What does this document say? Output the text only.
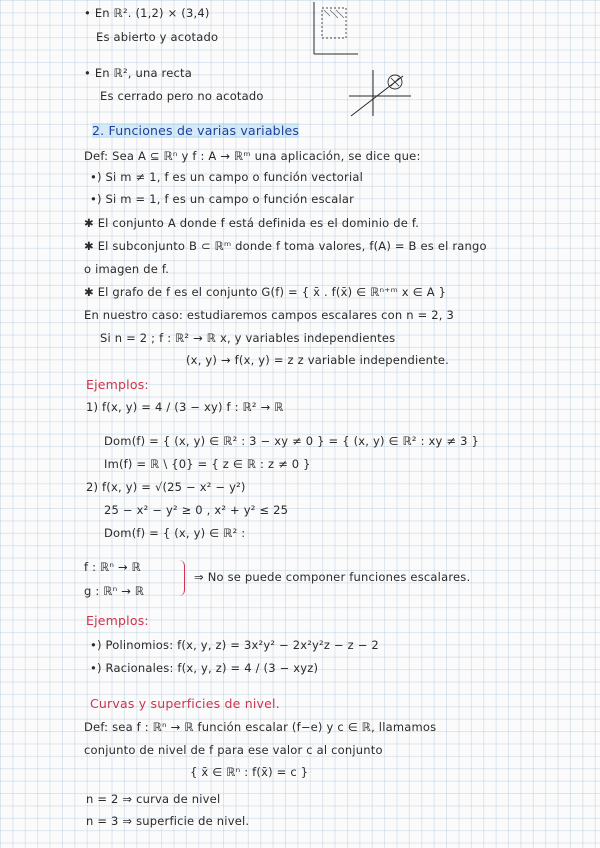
• En ℝ². (1,2) × (3,4)
Es abierto y acotado
• En ℝ², una recta
Es cerrado pero no acotado
2. Funciones de varias variables
Def: Sea A ⊆ ℝⁿ y f : A → ℝᵐ una aplicación, se dice que:
•) Si m ≠ 1, f es un campo o función vectorial
•) Si m = 1, f es un campo o función escalar
✱ El conjunto A donde f está definida es el dominio de f.
✱ El subconjunto B ⊂ ℝᵐ donde f toma valores, f(A) = B es el rango
o imagen de f.
✱ El grafo de f es el conjunto G(f) = { x̄ . f(x̄) ∈ ℝⁿ⁺ᵐ x ∈ A }
En nuestro caso: estudiaremos campos escalares con n = 2, 3
Si n = 2 ; f : ℝ² → ℝ x, y variables independientes
(x, y) → f(x, y) = z z variable independiente.
Ejemplos:
1) f(x, y) = 4 / (3 − xy) f : ℝ² → ℝ
Dom(f) = { (x, y) ∈ ℝ² : 3 − xy ≠ 0 } = { (x, y) ∈ ℝ² : xy ≠ 3 }
Im(f) = ℝ \ {0} = { z ∈ ℝ : z ≠ 0 }
2) f(x, y) = √(25 − x² − y²)
25 − x² − y² ≥ 0 , x² + y² ≤ 25
Dom(f) = { (x, y) ∈ ℝ² :
f : ℝⁿ → ℝ
⇒ No se puede componer funciones escalares.
g : ℝⁿ → ℝ
Ejemplos:
•) Polinomios: f(x, y, z) = 3x²y² − 2x²y²z − z − 2
•) Racionales: f(x, y, z) = 4 / (3 − xyz)
Curvas y superficies de nivel.
Def: sea f : ℝⁿ → ℝ función escalar (f−e) y c ∈ ℝ, llamamos
conjunto de nivel de f para ese valor c al conjunto
{ x̄ ∈ ℝⁿ : f(x̄) = c }
n = 2 ⇒ curva de nivel
n = 3 ⇒ superficie de nivel.
